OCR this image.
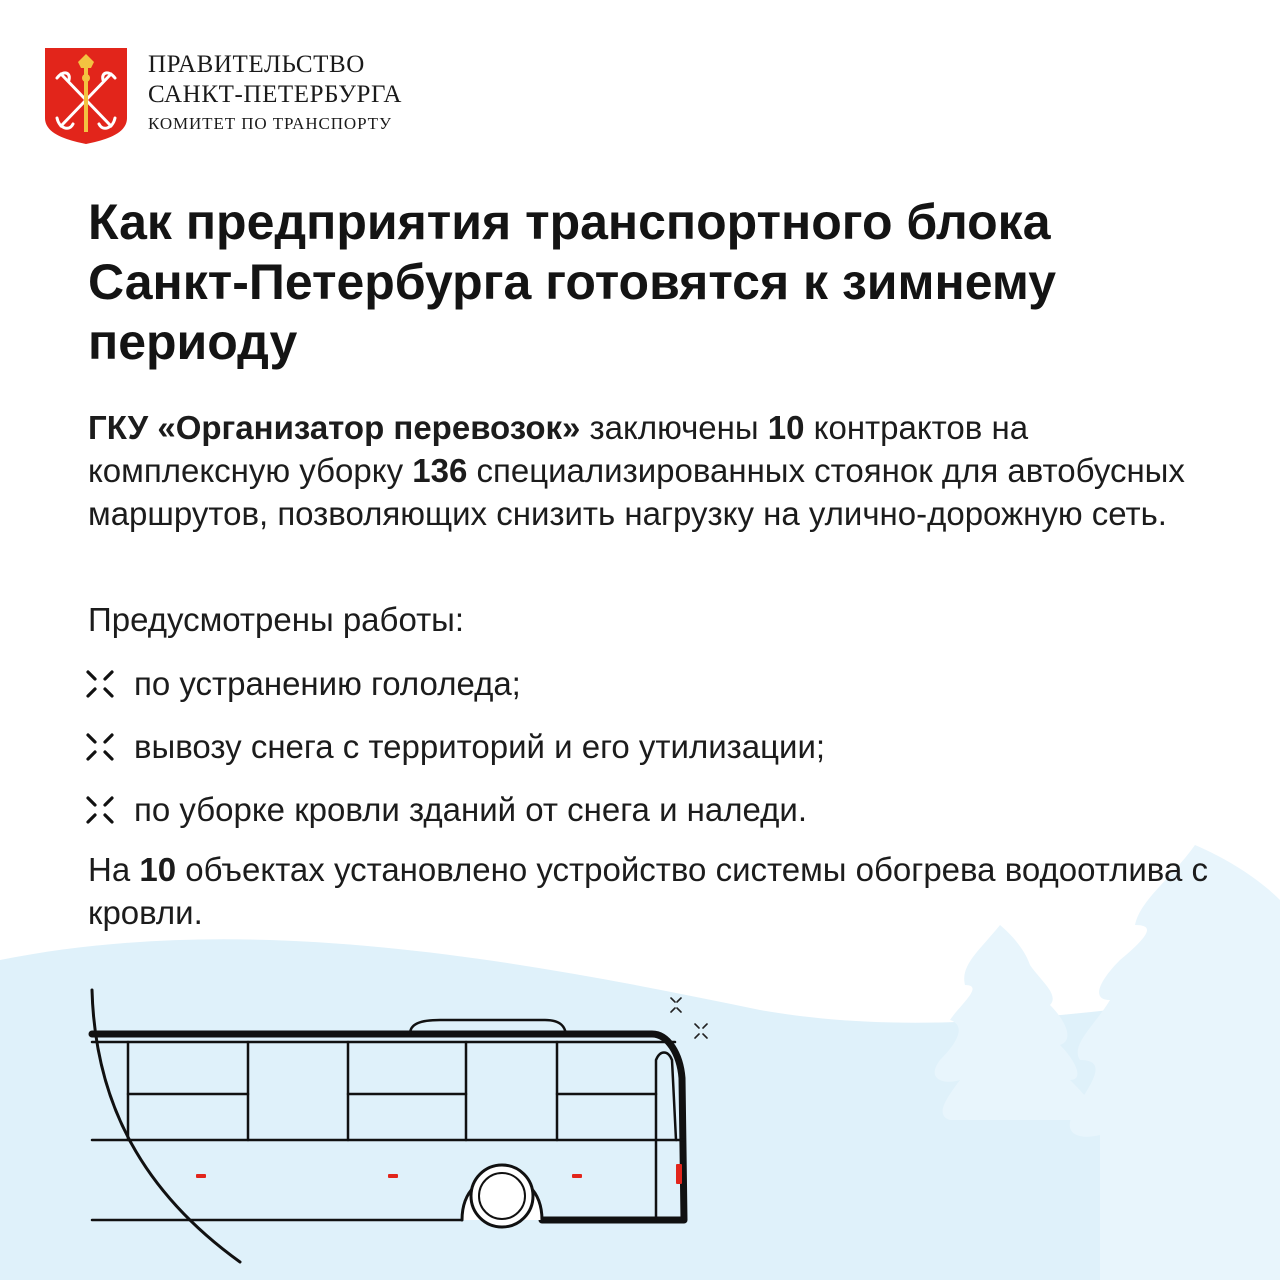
ПРАВИТЕЛЬСТВО
САНКТ-ПЕТЕРБУРГА
КОМИТЕТ ПО ТРАНСПОРТУ
Как предприятия транспортного блока Санкт-Петербурга готовятся к зимнему периоду

ГКУ «Организатор перевозок» заключены 10 контрактов на комплексную уборку 136 специализированных стоянок для автобусных маршрутов, позволяющих снизить нагрузку на улично-дорожную сеть.

Предусмотрены работы:

по устранению гололеда;
вывозу снега с территорий и его утилизации;
по уборке кровли зданий от снега и наледи.

На 10 объектах установлено устройство системы обогрева водоотлива с кровли.
